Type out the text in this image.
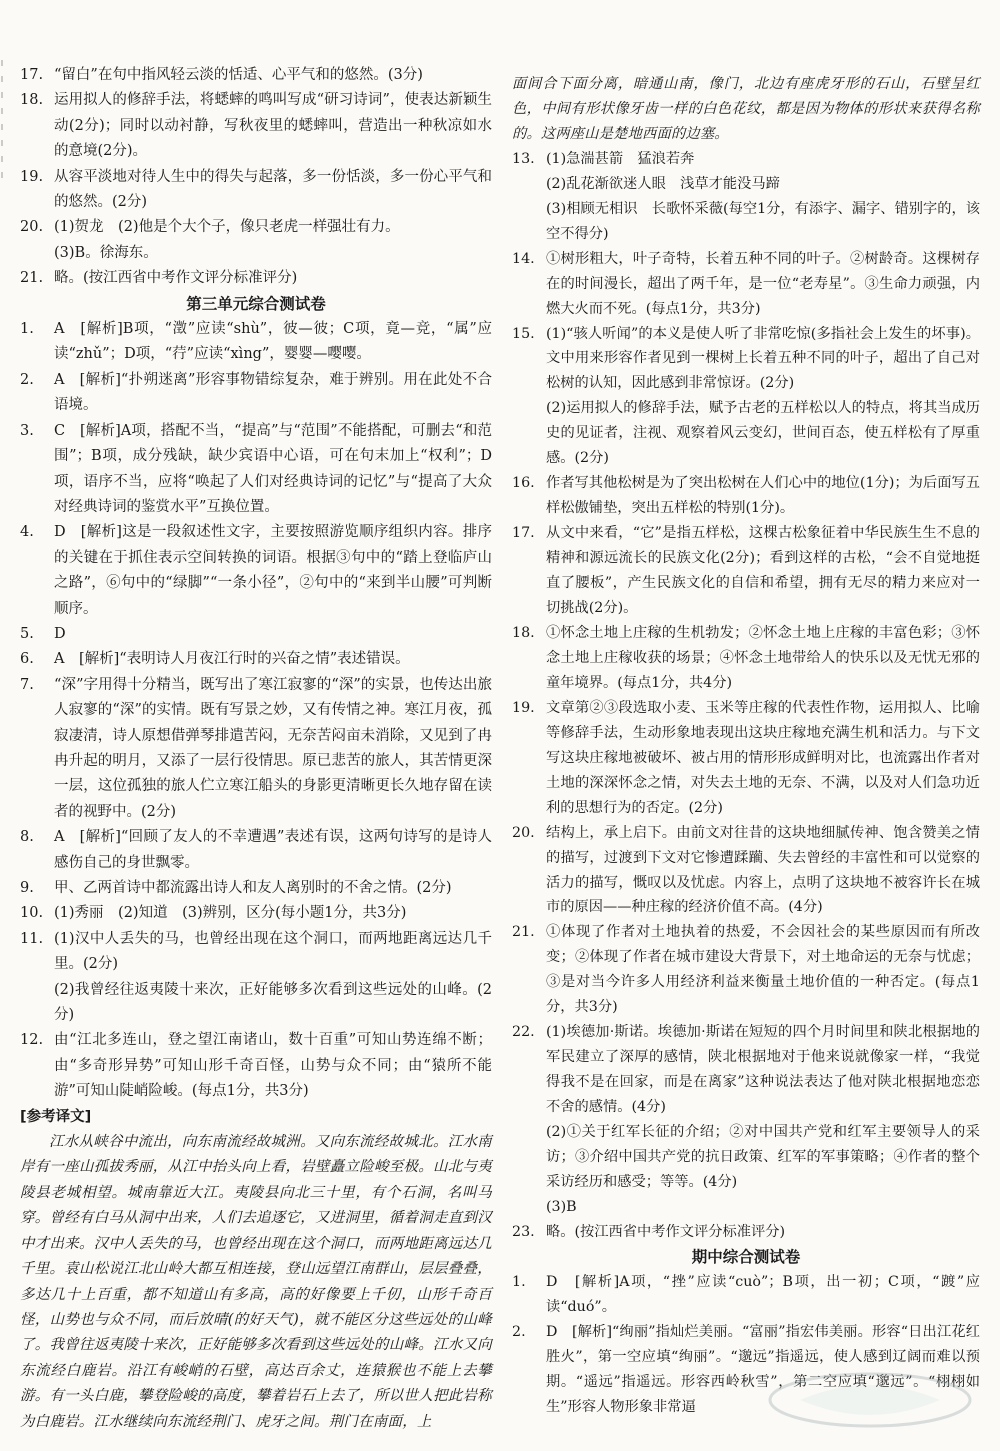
17. “留白”在句中指风轻云淡的恬适、心平气和的悠然。(3分)
18. 运用拟人的修辞手法，将蟋蟀的鸣叫写成“研习诗词”，使表达新颖生动(2分)；同时以动衬静，写秋夜里的蟋蟀叫，营造出一种秋凉如水的意境(2分)。
19. 从容平淡地对待人生中的得失与起落，多一份恬淡，多一份心平气和的悠然。(2分)
20. (1)贺龙　(2)他是个大个子，像只老虎一样强壮有力。
(3)B。徐海东。
21. 略。(按江西省中考作文评分标准评分)
第三单元综合测试卷
1.	A　[解析]B项，“澂”应读“shù”，彼—彼；C项，竟—竞，“属”应读“zhǔ”；D项，“荇”应读“xìng”，婴婴—嘤嘤。
2.	A　[解析]“扑朔迷离”形容事物错综复杂，难于辨别。用在此处不合语境。
3.	C　[解析]A项，搭配不当，“提高”与“范围”不能搭配，可删去“和范围”；B项，成分残缺，缺少宾语中心语，可在句末加上“权利”；D项，语序不当，应将“唤起了人们对经典诗词的记忆”与“提高了大众对经典诗词的鉴赏水平”互换位置。
4.	D　[解析]这是一段叙述性文字，主要按照游览顺序组织内容。排序的关键在于抓住表示空间转换的词语。根据③句中的“踏上登临庐山之路”，⑥句中的“绿脚”“一条小径”，②句中的“来到半山腰”可判断顺序。
5.	D
6.	A　[解析]“表明诗人月夜江行时的兴奋之情”表述错误。
7.	“深”字用得十分精当，既写出了寒江寂寥的“深”的实景，也传达出旅人寂寥的“深”的实情。既有写景之妙，又有传情之神。寒江月夜，孤寂凄清，诗人原想借弹琴排遣苦闷，无奈苦闷亩未消除，又见到了冉冉升起的明月，又添了一层行役情思。原已悲苦的旅人，其苦情更深一层，这位孤独的旅人伫立寒江船头的身影更清晰更长久地存留在读者的视野中。(2分)
8.	A　[解析]“回顾了友人的不幸遭遇”表述有误，这两句诗写的是诗人感伤自己的身世飘零。
9.	甲、乙两首诗中都流露出诗人和友人离别时的不舍之情。(2分)
10. (1)秀丽　(2)知道　(3)辨别，区分(每小题1分，共3分)
11. (1)汉中人丢失的马，也曾经出现在这个洞口，而两地距离远达几千里。(2分)
(2)我曾经往返夷陵十来次，正好能够多次看到这些远处的山峰。(2分)
12. 由“江北多连山，登之望江南诸山，数十百重”可知山势连绵不断；由“多奇形异势”可知山形千奇百怪，山势与众不同；由“猿所不能游”可知山陡峭险峻。(每点1分，共3分)
[参考译文]

江水从峡谷中流出，向东南流经故城洲。又向东流经故城北。江水南岸有一座山孤拔秀丽，从江中抬头向上看，岩壁矗立险峻至极。山北与夷陵县老城相望。城南靠近大江。夷陵县向北三十里，有个石洞，名叫马穿。曾经有白马从洞中出来，人们去追逐它，又进洞里，循着洞走直到汉中才出来。汉中人丢失的马，也曾经出现在这个洞口，而两地距离远达几千里。袁山松说江北山岭大都互相连接，登山远望江南群山，层层叠叠，多达几十上百重，都不知道山有多高，高的好像要上千仞，山形千奇百怪，山势也与众不同，而后放晴(的好天气)，就不能区分这些远处的山峰了。我曾往返夷陵十来次，正好能够多次看到这些远处的山峰。江水又向东流经白鹿岩。沿江有峻峭的石壁，高达百余丈，连猿猴也不能上去攀游。有一头白鹿，攀登险峻的高度，攀着岩石上去了，所以世人把此岩称为白鹿岩。江水继续向东流经荆门、虎牙之间。荆门在南面，上

面间合下面分离，暗通山南，像门，北边有座虎牙形的石山，石壁呈红色，中间有形状像牙齿一样的白色花纹，都是因为物体的形状来获得名称的。这两座山是楚地西面的边塞。

13. (1)急湍甚箭　猛浪若奔
(2)乱花渐欲迷人眼　浅草才能没马蹄
(3)相顾无相识　长歌怀采薇(每空1分，有添字、漏字、错别字的，该空不得分)
14. ①树形粗大，叶子奇特，长着五种不同的叶子。②树龄奇。这棵树存在的时间漫长，超出了两千年，是一位“老寿星”。③生命力顽强，内燃大火而不死。(每点1分，共3分)
15. (1)“骇人听闻”的本义是使人听了非常吃惊(多指社会上发生的坏事)。文中用来形容作者见到一棵树上长着五种不同的叶子，超出了自己对松树的认知，因此感到非常惊讶。(2分)
(2)运用拟人的修辞手法，赋予古老的五样松以人的特点，将其当成历史的见证者，注视、观察着风云变幻，世间百态，使五样松有了厚重感。(2分)
16. 作者写其他松树是为了突出松树在人们心中的地位(1分)；为后面写五样松傲铺垫，突出五样松的特别(1分)。
17. 从文中来看，“它”是指五样松，这棵古松象征着中华民族生生不息的精神和源远流长的民族文化(2分)；看到这样的古松，“会不自觉地挺直了腰板”，产生民族文化的自信和希望，拥有无尽的精力来应对一切挑战(2分)。
18. ①怀念土地上庄稼的生机勃发；②怀念土地上庄稼的丰富色彩；③怀念土地上庄稼收获的场景；④怀念土地带给人的快乐以及无忧无邪的童年境界。(每点1分，共4分)
19. 文章第②③段选取小麦、玉米等庄稼的代表性作物，运用拟人、比喻等修辞手法，生动形象地表现出这块庄稼地充满生机和活力。与下文写这块庄稼地被破坏、被占用的情形形成鲜明对比，也流露出作者对土地的深深怀念之情，对失去土地的无奈、不满，以及对人们急功近利的思想行为的否定。(2分)
20. 结构上，承上启下。由前文对往昔的这块地细腻传神、饱含赞美之情的描写，过渡到下文对它惨遭蹂躏、失去曾经的丰富性和可以觉察的活力的描写，慨叹以及忧虑。内容上，点明了这块地不被容许长在城市的原因——种庄稼的经济价值不高。(4分)
21. ①体现了作者对土地执着的热爱，不会因社会的某些原因而有所改变；②体现了作者在城市建设大背景下，对土地命运的无奈与忧虑；③是对当今许多人用经济利益来衡量土地价值的一种否定。(每点1分，共3分)
22. (1)埃德加·斯诺。埃德加·斯诺在短短的四个月时间里和陕北根据地的军民建立了深厚的感情，陕北根据地对于他来说就像家一样，“我觉得我不是在回家，而是在离家”这种说法表达了他对陕北根据地恋恋不舍的感情。(4分)
(2)①关于红军长征的介绍；②对中国共产党和红军主要领导人的采访；③介绍中国共产党的抗日政策、红军的军事策略；④作者的整个采访经历和感受；等等。(4分)
(3)B
23. 略。(按江西省中考作文评分标准评分)
期中综合测试卷
1.	D　[解析]A项，“挫”应读“cuò”；B项，出一初；C项，“踱”应读“duó”。
2.	D　[解析]“绚丽”指灿烂美丽。“富丽”指宏伟美丽。形容“日出江花红胜火”，第一空应填“绚丽”。“邈远”指遥远，使人感到辽阔而难以预期。“遥远”指遥远。形容西岭秋雪”，第二空应填“邈远”。“栩栩如生”形容人物形象非常逼
